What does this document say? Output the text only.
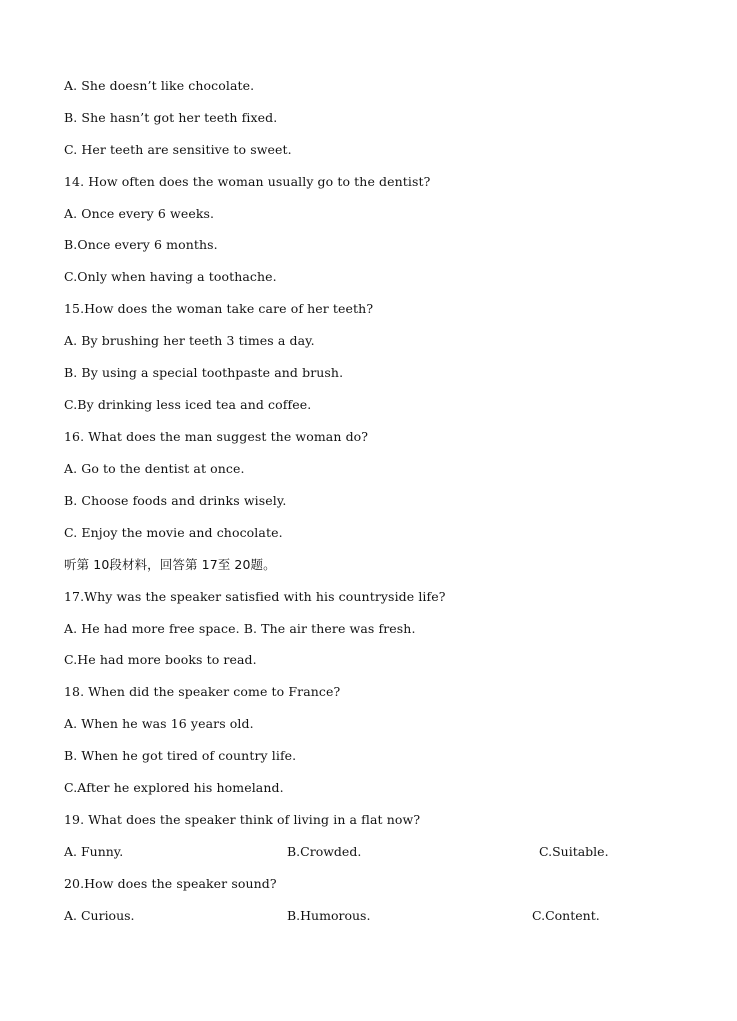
A. She doesn’t like chocolate.
B. She hasn’t got her teeth fixed.
C. Her teeth are sensitive to sweet.
14. How often does the woman usually go to the dentist?
A. Once every 6 weeks.
B.Once every 6 months.
C.Only when having a toothache.
15.How does the woman take care of her teeth?
A. By brushing her teeth 3 times a day.
B. By using a special toothpaste and brush.
C.By drinking less iced tea and coffee.
16. What does the man suggest the woman do?
A. Go to the dentist at once.
B. Choose foods and drinks wisely.
C. Enjoy the movie and chocolate.
听第 10段材料，回答第 17至 20题。
17.Why was the speaker satisfied with his countryside life?
A. He had more free space. B. The air there was fresh.
C.He had more books to read.
18. When did the speaker come to France?
A. When he was 16 years old.
B. When he got tired of country life.
C.After he explored his homeland.
19. What does the speaker think of living in a flat now?
A. Funny.	B.Crowded.	C.Suitable.
20.How does the speaker sound?
A. Curious.	B.Humorous.	C.Content.
